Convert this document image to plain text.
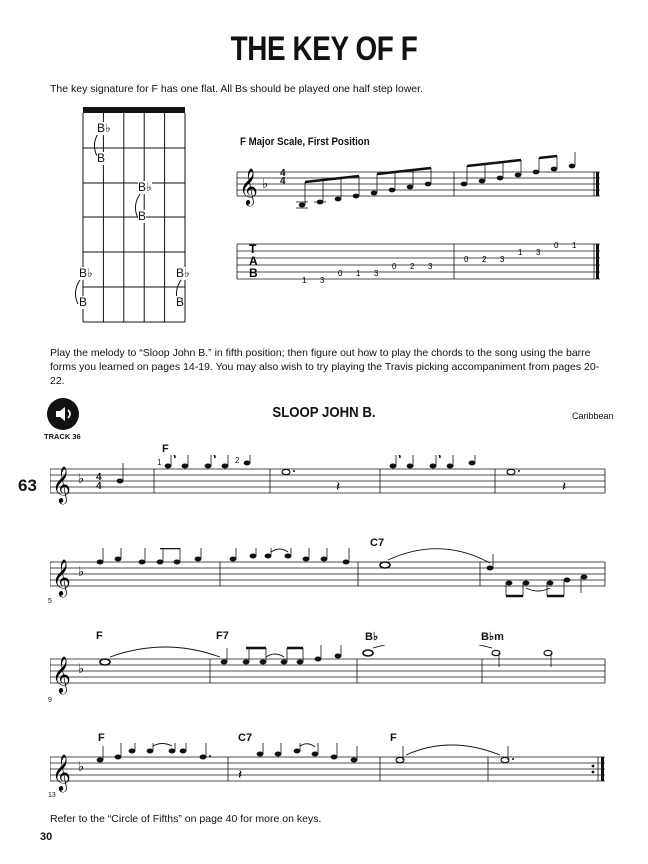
THE KEY OF F
The key signature for F has one flat. All Bs should be played one half step lower.
B♭
B
B♭
B
B♭
B
B♭
B
F Major Scale, First Position
𝄞 ♭
T
A
B
1 3
0 1 3
0 2 3
0 2 3
1 3
0 1
4
4
Play the melody to “Sloop John B.” in fifth position; then figure out how to play the chords to the song using the barre forms you learned on pages 14-19. You may also wish to try playing the Travis picking accompaniment from pages 20-22.
TRACK 36
SLOOP JOHN B.	Caribbean
63
F
1	2
4
4
𝄞 ♭	𝄽	𝄽
C7
5
𝄞 ♭
F	F7	B♭	B♭m
9
𝄞 ♭
F	C7	F
13
𝄞 ♭	𝄽
Refer to the “Circle of Fifths” on page 40 for more on keys.
30
